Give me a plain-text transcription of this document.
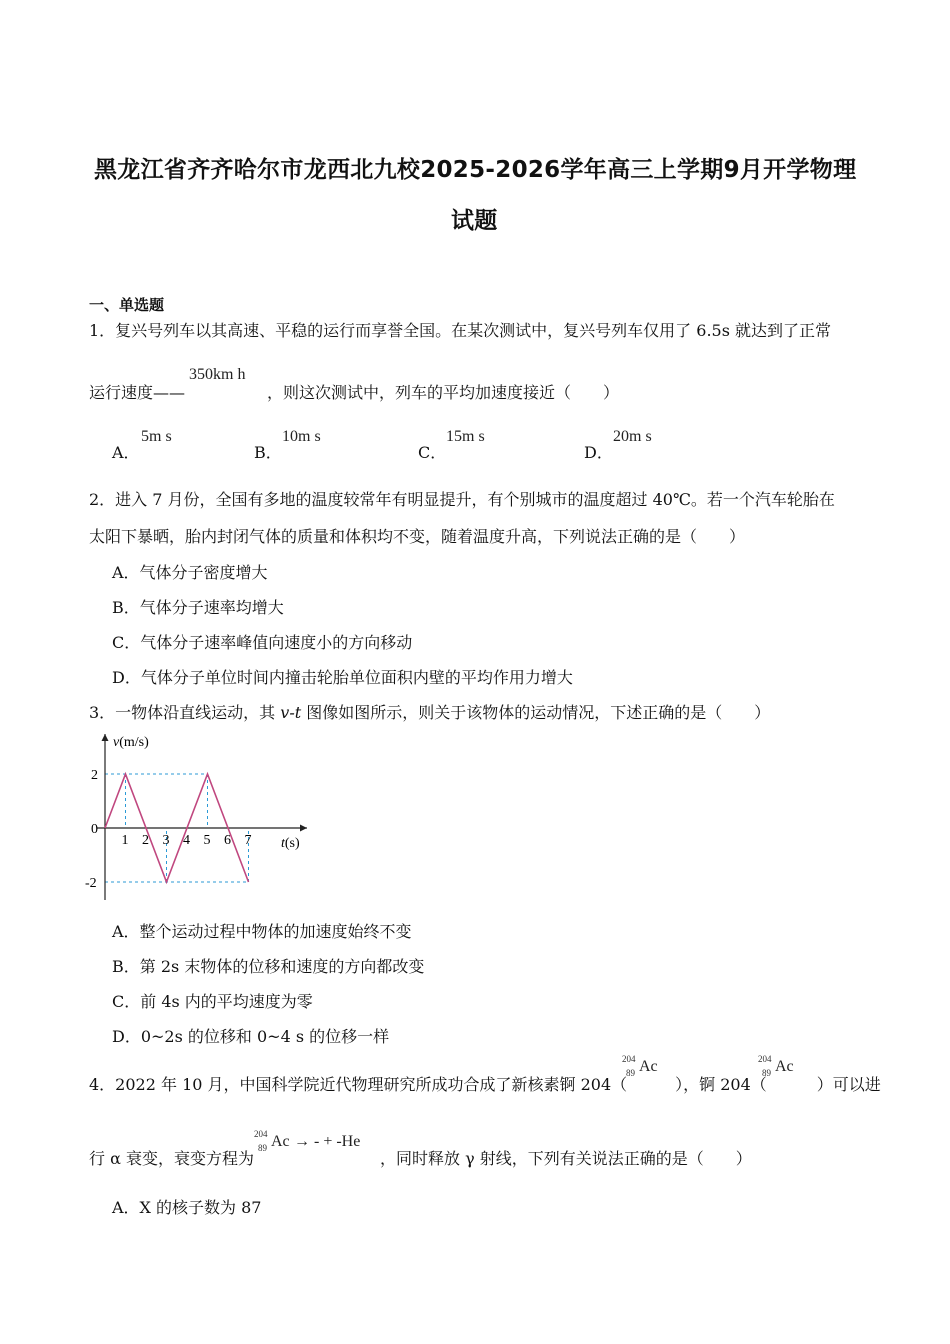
黑龙江省齐齐哈尔市龙西北九校2025-2026学年高三上学期9月开学物理
试题
一、单选题
1．复兴号列车以其高速、平稳的运行而享誉全国。在某次测试中，复兴号列车仅用了 6.5s 就达到了正常
运行速度——	，则这次测试中，列车的平均加速度接近（　　）
350km h
A．
5m s
B．
10m s
C．
15m s
D．
20m s
2．进入 7 月份，全国有多地的温度较常年有明显提升，有个别城市的温度超过 40℃。若一个汽车轮胎在
太阳下暴晒，胎内封闭气体的质量和体积均不变，随着温度升高，下列说法正确的是（　　）
A．气体分子密度增大
B．气体分子速率均增大
C．气体分子速率峰值向速度小的方向移动
D．气体分子单位时间内撞击轮胎单位面积内壁的平均作用力增大
3．一物体沿直线运动，其 v-t 图像如图所示，则关于该物体的运动情况，下述正确的是（　　）
1 2 3 4 5 6 7
2
0
-2
v(m/s)
t(s)
A．整个运动过程中物体的加速度始终不变
B．第 2s 末物体的位移和速度的方向都改变
C．前 4s 内的平均速度为零
D．0~2s 的位移和 0~4 s 的位移一样
4．2022 年 10 月，中国科学院近代物理研究所成功合成了新核素锕 204（	），锕 204（	）可以进
204
89 Ac	204
89 Ac
行 α 衰变，衰变方程为	，同时释放 γ 射线，下列有关说法正确的是（　　）
204
89 Ac → - + -He
A．X 的核子数为 87
